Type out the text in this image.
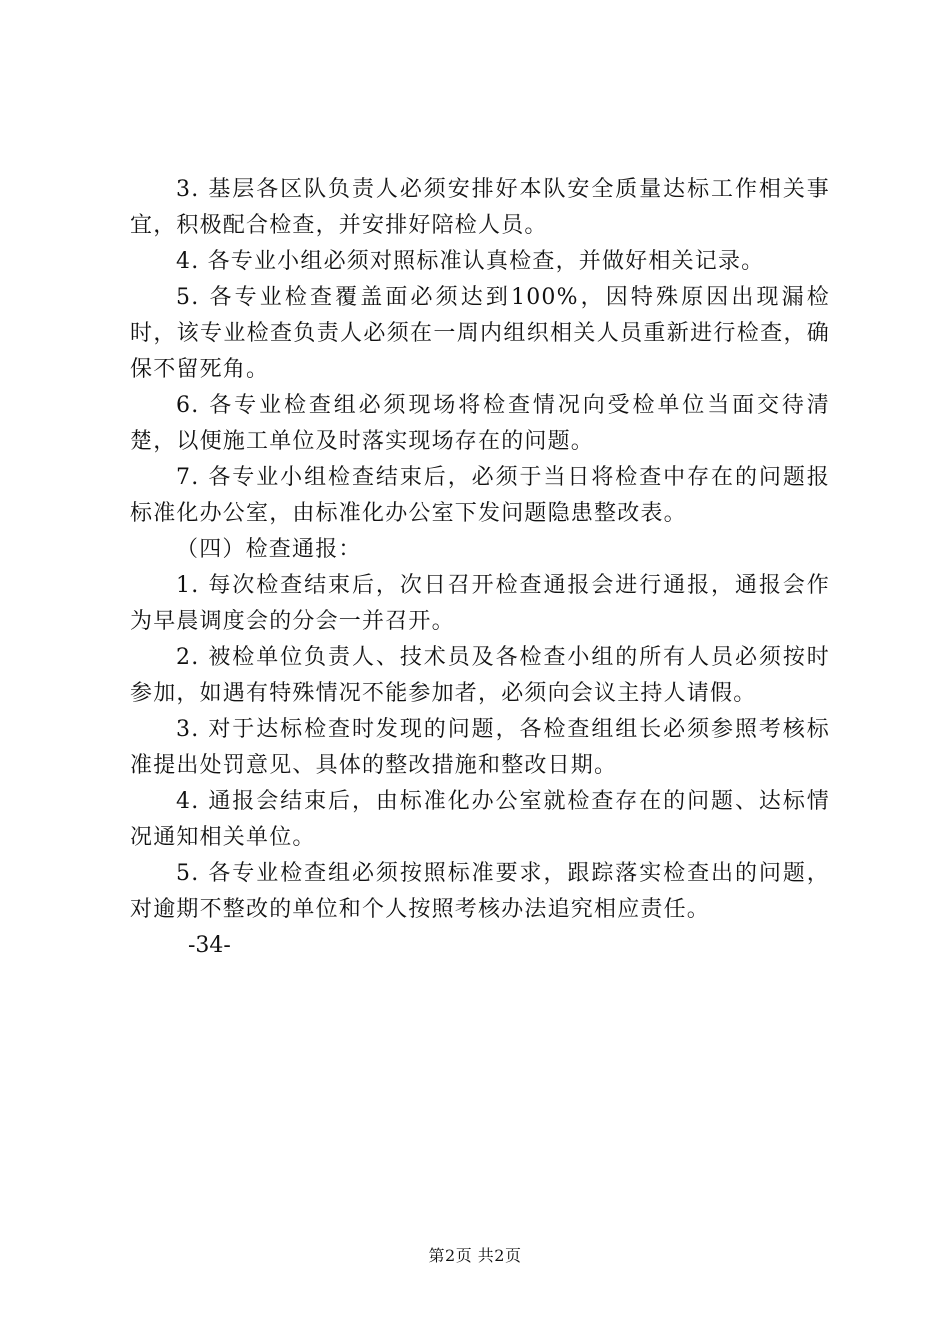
3. 基层各区队负责人必须安排好本队安全质量达标工作相关事宜，积极配合检查，并安排好陪检人员。

4. 各专业小组必须对照标准认真检查，并做好相关记录。

5. 各专业检查覆盖面必须达到100%，因特殊原因出现漏检时，该专业检查负责人必须在一周内组织相关人员重新进行检查，确保不留死角。

6. 各专业检查组必须现场将检查情况向受检单位当面交待清楚，以便施工单位及时落实现场存在的问题。

7. 各专业小组检查结束后，必须于当日将检查中存在的问题报标准化办公室，由标准化办公室下发问题隐患整改表。

（四）检查通报：

1. 每次检查结束后，次日召开检查通报会进行通报，通报会作为早晨调度会的分会一并召开。

2. 被检单位负责人、技术员及各检查小组的所有人员必须按时参加，如遇有特殊情况不能参加者，必须向会议主持人请假。

3. 对于达标检查时发现的问题，各检查组组长必须参照考核标准提出处罚意见、具体的整改措施和整改日期。

4. 通报会结束后，由标准化办公室就检查存在的问题、达标情况通知相关单位。

5. 各专业检查组必须按照标准要求，跟踪落实检查出的问题，对逾期不整改的单位和个人按照考核办法追究相应责任。

-34-

第2页 共2页
